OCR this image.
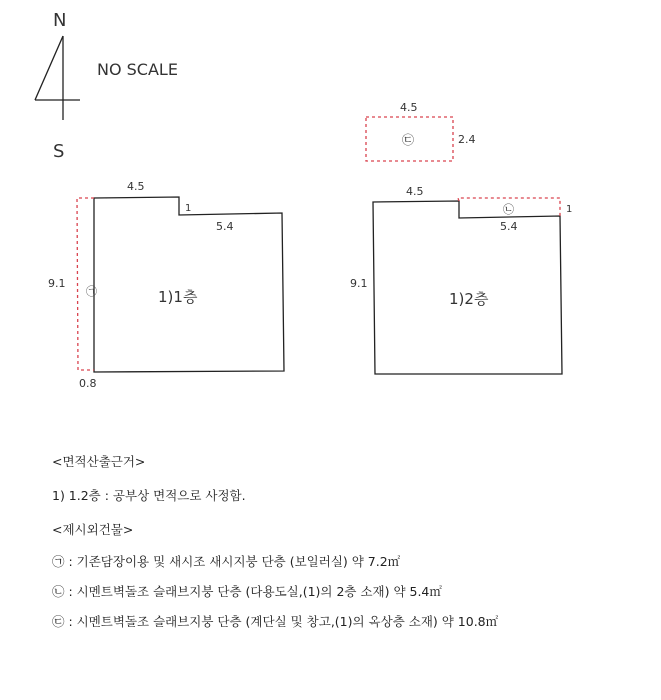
N
S
NO SCALE
4.5
1
5.4
9.1
0.8
㉠	1)1층
4.5
1
5.4
9.1
㉡
1)2층
4.5
2.4
㉢
<면적산출근거>
1) 1.2층 : 공부상 면적으로 사정함.
<제시외건물>
㉠ : 기존담장이용 및 새시조 새시지붕 단층 (보일러실) 약 7.2㎡
㉡ : 시멘트벽돌조 슬래브지붕 단층 (다용도실,(1)의 2층 소재) 약 5.4㎡
㉢ : 시멘트벽돌조 슬래브지붕 단층 (계단실 및 창고,(1)의 옥상층 소재) 약 10.8㎡
